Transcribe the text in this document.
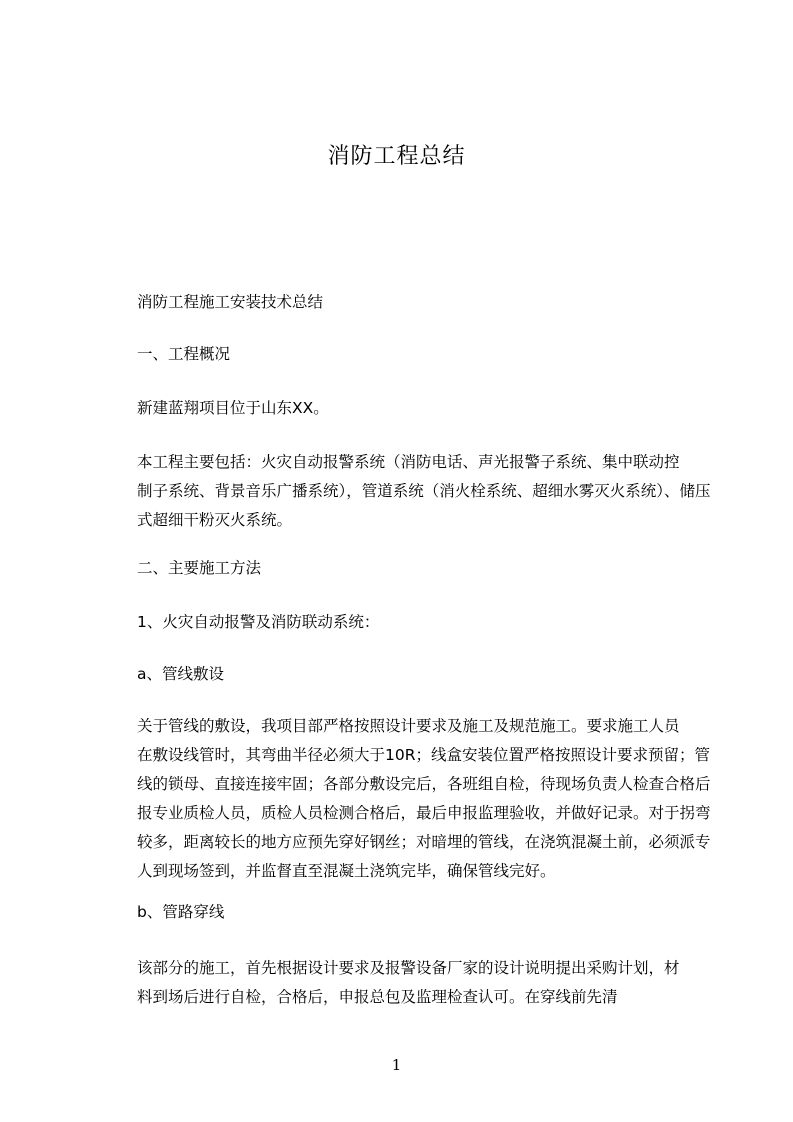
消防工程总结
消防工程施工安装技术总结
一、工程概况
新建蓝翔项目位于山东XX。
本工程主要包括：火灾自动报警系统（消防电话、声光报警子系统、集中联动控
制子系统、背景音乐广播系统），管道系统（消火栓系统、超细水雾灭火系统）、储压
式超细干粉灭火系统。
二、主要施工方法
1、火灾自动报警及消防联动系统：
a、管线敷设
关于管线的敷设，我项目部严格按照设计要求及施工及规范施工。要求施工人员
在敷设线管时，其弯曲半径必须大于10R；线盒安装位置严格按照设计要求预留；管
线的锁母、直接连接牢固；各部分敷设完后，各班组自检，待现场负责人检查合格后
报专业质检人员，质检人员检测合格后，最后申报监理验收，并做好记录。对于拐弯
较多，距离较长的地方应预先穿好钢丝；对暗埋的管线，在浇筑混凝土前，必须派专
人到现场签到，并监督直至混凝土浇筑完毕，确保管线完好。
b、管路穿线
该部分的施工，首先根据设计要求及报警设备厂家的设计说明提出采购计划，材
料到场后进行自检，合格后，申报总包及监理检查认可。在穿线前先清
1
